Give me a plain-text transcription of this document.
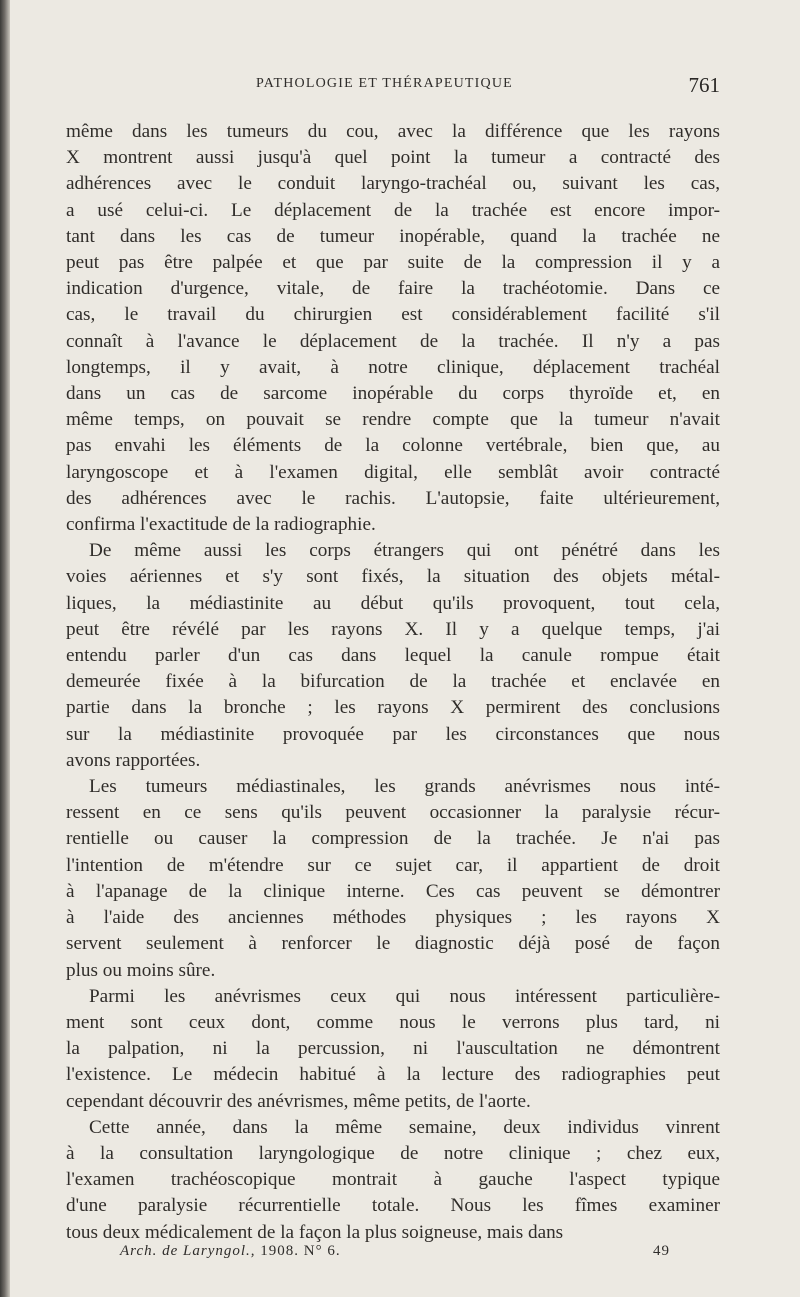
PATHOLOGIE ET THÉRAPEUTIQUE	761
même dans les tumeurs du cou, avec la différence que les rayons
X montrent aussi jusqu'à quel point la tumeur a contracté des
adhérences avec le conduit laryngo-trachéal ou, suivant les cas,
a usé celui-ci. Le déplacement de la trachée est encore impor-
tant dans les cas de tumeur inopérable, quand la trachée ne
peut pas être palpée et que par suite de la compression il y a
indication d'urgence, vitale, de faire la trachéotomie. Dans ce
cas, le travail du chirurgien est considérablement facilité s'il
connaît à l'avance le déplacement de la trachée. Il n'y a pas
longtemps, il y avait, à notre clinique, déplacement trachéal
dans un cas de sarcome inopérable du corps thyroïde et, en
même temps, on pouvait se rendre compte que la tumeur n'avait
pas envahi les éléments de la colonne vertébrale, bien que, au
laryngoscope et à l'examen digital, elle semblât avoir contracté
des adhérences avec le rachis. L'autopsie, faite ultérieurement,
confirma l'exactitude de la radiographie.
De même aussi les corps étrangers qui ont pénétré dans les
voies aériennes et s'y sont fixés, la situation des objets métal-
liques, la médiastinite au début qu'ils provoquent, tout cela,
peut être révélé par les rayons X. Il y a quelque temps, j'ai
entendu parler d'un cas dans lequel la canule rompue était
demeurée fixée à la bifurcation de la trachée et enclavée en
partie dans la bronche ; les rayons X permirent des conclusions
sur la médiastinite provoquée par les circonstances que nous
avons rapportées.
Les tumeurs médiastinales, les grands anévrismes nous inté-
ressent en ce sens qu'ils peuvent occasionner la paralysie récur-
rentielle ou causer la compression de la trachée. Je n'ai pas
l'intention de m'étendre sur ce sujet car, il appartient de droit
à l'apanage de la clinique interne. Ces cas peuvent se démontrer
à l'aide des anciennes méthodes physiques ; les rayons X
servent seulement à renforcer le diagnostic déjà posé de façon
plus ou moins sûre.
Parmi les anévrismes ceux qui nous intéressent particulière-
ment sont ceux dont, comme nous le verrons plus tard, ni
la palpation, ni la percussion, ni l'auscultation ne démontrent
l'existence. Le médecin habitué à la lecture des radiographies peut
cependant découvrir des anévrismes, même petits, de l'aorte.
Cette année, dans la même semaine, deux individus vinrent
à la consultation laryngologique de notre clinique ; chez eux,
l'examen trachéoscopique montrait à gauche l'aspect typique
d'une paralysie récurrentielle totale. Nous les fîmes examiner
tous deux médicalement de la façon la plus soigneuse, mais dans
Arch. de Laryngol., 1908. N° 6.	49
